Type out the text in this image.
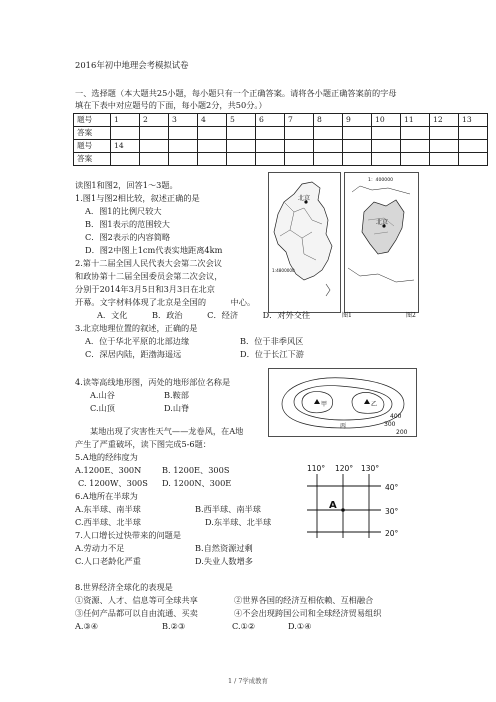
2016年初中地理会考模拟试卷
一、选择题（本大题共25小题，每小题只有一个正确答案。请将各小题正确答案前的字母
填在下表中对应题号的下面，每小题2分，共50分。）
题号	1	2	3	4	5	6	7	8	9	10	11	12	13
答案													
题号	14												
答案													
读图1和图2，回答1～3题。
1.图1与图2相比较，叙述正确的是
A．图1的比例尺较大
B．图1表示的范围较大
C．图2表示的内容简略
D．图2中图上1cm代表实地距离4km
2.第十二届全国人民代表大会第二次会议
和政协第十二届全国委员会第二次会议，
分别于2014年3月5日和3月3日在北京
开幕。文字材料体现了北京是全国的　　　中心。
A．文化　　　B．政治　　　C．经济　　　D．对外交往
3.北京地理位置的叙述，正确的是
A．位于华北平原的北部边缘	B．位于非季风区
C．深居内陆，距渤海遥远	D．位于长江下游
4.读等高线地形图，丙处的地形部位名称是
A.山谷	B.鞍部
C.山顶	D.山脊
某地出现了灾害性天气——龙卷风，在A地
产生了严重破坏，读下图完成5-6题：
5.A地的经纬度为
A.1200E、300N	B. 1200E、300S
C. 1200W、300S D. 1200N、300E
6.A地所在半球为
A.东半球、南半球	B.西半球、南半球
C.西半球、北半球	D.东半球、北半球
7.人口增长过快带来的问题是
A.劳动力不足	B.自然资源过剩
C.人口老龄化严重	D.失业人数增多
8.世界经济全球化的表现是
①资源、人才、信息等可全球共享	②世界各国的经济互相依赖、互相融合
③任何产品都可以自由流通、买卖	④不会出现跨国公司和全球经济贸易组织
A.③④	B.②③	C.①②	D.①④
北京
1:4800000
图1
1：400000
北京
图2
甲	乙
丙
400
300
200
110° 120° 130°
A
40°
30°
20°
1 / 7学成教育
